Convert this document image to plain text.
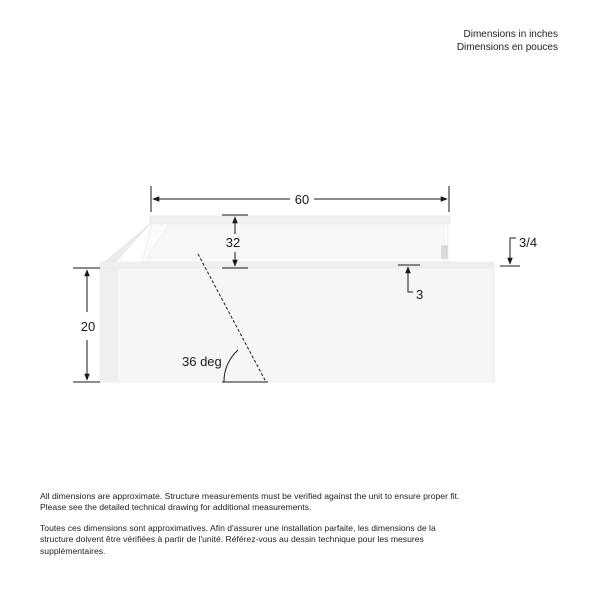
Dimensions in inches
Dimensions en pouces
60
32	3/4
3
20
36 deg

All dimensions are approximate. Structure measurements must be verified against the unit to ensure proper fit. Please see the detailed technical drawing for additional measurements.

Toutes ces dimensions sont approximatives. Afin d'assurer une installation parfaite, les dimensions de la structure doivent être vérifiées à partir de l'unité. Référez-vous au dessin technique pour les mesures supplémentaires.
